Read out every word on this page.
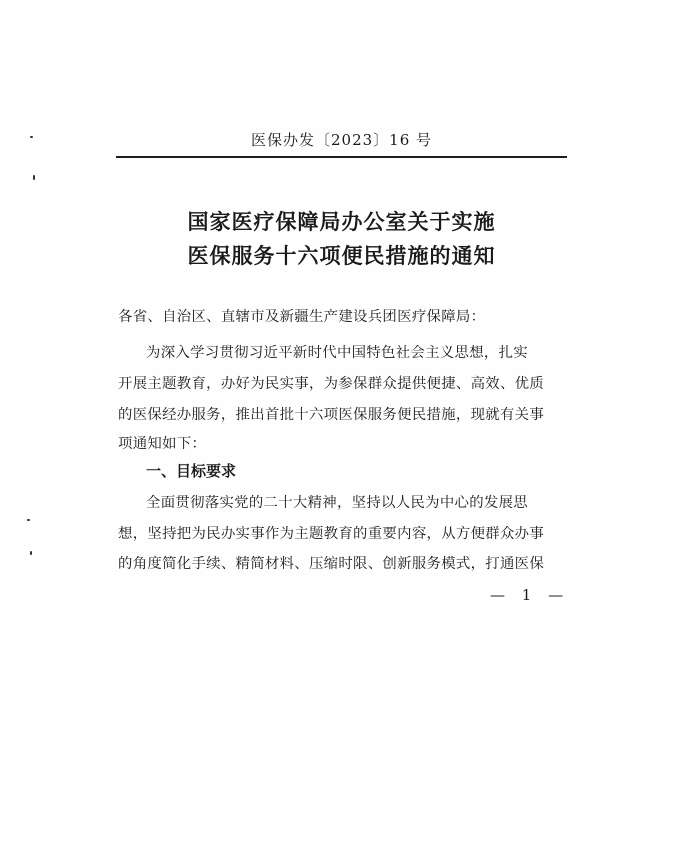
医保办发〔2023〕16 号
国家医疗保障局办公室关于实施
医保服务十六项便民措施的通知
各省、自治区、直辖市及新疆生产建设兵团医疗保障局：
为深入学习贯彻习近平新时代中国特色社会主义思想，扎实
开展主题教育，办好为民实事，为参保群众提供便捷、高效、优质
的医保经办服务，推出首批十六项医保服务便民措施，现就有关事
项通知如下：
一、目标要求
全面贯彻落实党的二十大精神，坚持以人民为中心的发展思
想，坚持把为民办实事作为主题教育的重要内容，从方便群众办事
的角度简化手续、精简材料、压缩时限、创新服务模式，打通医保
— 1 —
